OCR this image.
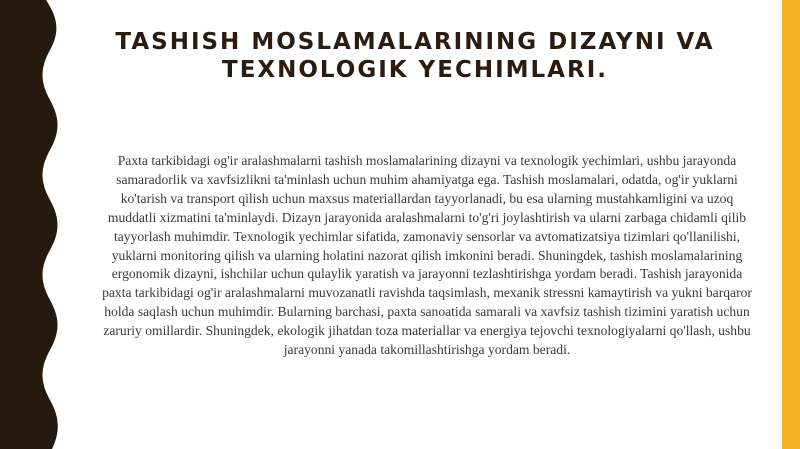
TASHISH MOSLAMALARINING DIZAYNI VA TEXNOLOGIK YECHIMLARI.

Paxta tarkibidagi og'ir aralashmalarni tashish moslamalarining dizayni va texnologik yechimlari, ushbu jarayonda samaradorlik va xavfsizlikni ta'minlash uchun muhim ahamiyatga ega. Tashish moslamalari, odatda, og'ir yuklarni ko'tarish va transport qilish uchun maxsus materiallardan tayyorlanadi, bu esa ularning mustahkamligini va uzoq muddatli xizmatini ta'minlaydi. Dizayn jarayonida aralashmalarni to'g'ri joylashtirish va ularni zarbaga chidamli qilib tayyorlash muhimdir. Texnologik yechimlar sifatida, zamonaviy sensorlar va avtomatizatsiya tizimlari qo'llanilishi, yuklarni monitoring qilish va ularning holatini nazorat qilish imkonini beradi. Shuningdek, tashish moslamalarining ergonomik dizayni, ishchilar uchun qulaylik yaratish va jarayonni tezlashtirishga yordam beradi. Tashish jarayonida paxta tarkibidagi og'ir aralashmalarni muvozanatli ravishda taqsimlash, mexanik stressni kamaytirish va yukni barqaror holda saqlash uchun muhimdir. Bularning barchasi, paxta sanoatida samarali va xavfsiz tashish tizimini yaratish uchun zaruriy omillardir. Shuningdek, ekologik jihatdan toza materiallar va energiya tejovchi texnologiyalarni qo'llash, ushbu jarayonni yanada takomillashtirishga yordam beradi.
